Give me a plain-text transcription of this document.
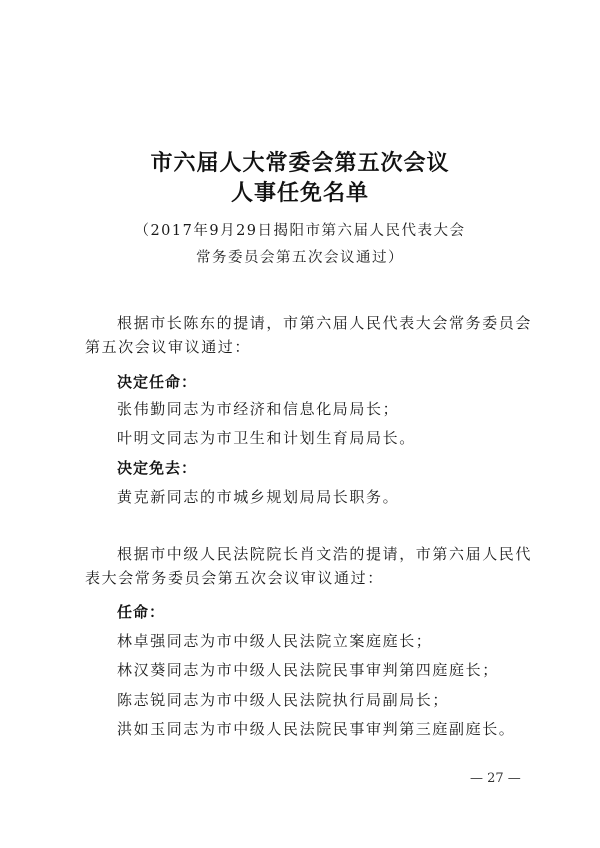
市六届人大常委会第五次会议
人事任免名单
（2017年9月29日揭阳市第六届人民代表大会
常务委员会第五次会议通过）
根据市长陈东的提请，市第六届人民代表大会常务委员会第五次会议审议通过：
决定任命：
张伟勤同志为市经济和信息化局局长；
叶明文同志为市卫生和计划生育局局长。
决定免去：
黄克新同志的市城乡规划局局长职务。
根据市中级人民法院院长肖文浩的提请，市第六届人民代表大会常务委员会第五次会议审议通过：
任命：
林卓强同志为市中级人民法院立案庭庭长；
林汉葵同志为市中级人民法院民事审判第四庭庭长；
陈志锐同志为市中级人民法院执行局副局长；
洪如玉同志为市中级人民法院民事审判第三庭副庭长。
— 27 —
